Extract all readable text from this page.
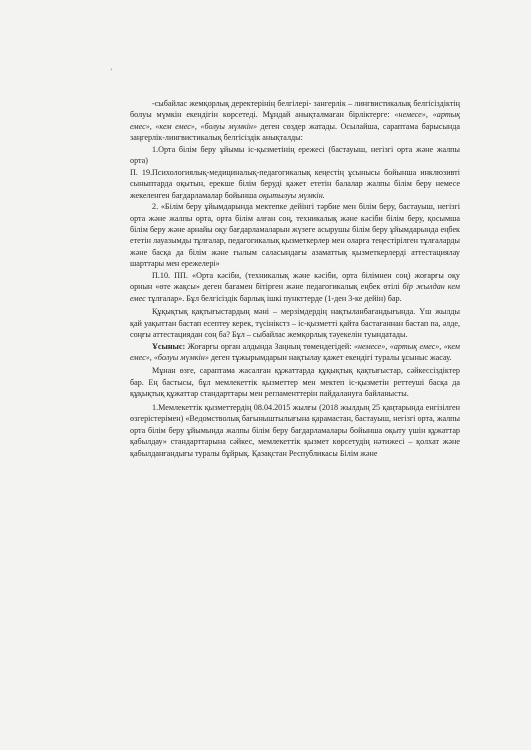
ʼ

-сыбайлас жемқорлық деректерінің белгілері- зангерлік – лингвистикалық белгісіздіктің болуы мүмкін екендігін көрсетеді. Мұндай анықталмаған бірліктерге: «немесе», «артық емес», «кем емес», «болуы мүмкін» деген сөздер жатады. Осылайша, сараптама барысында заңгерлік-лингвистикалық белгісіздік анықталды:

1.Орта білім беру ұйымы іс-қызметінің ережесі (бастауыш, негізгі орта және жалпы орта)

П. 19.Психологиялық-медициналық-педагогикалық кеңестің ұсынысы бойынша инклюзивті сыныптарда оқытын, ерекше білім беруді қажет ететін балалар жалпы білім беру немесе жекеленген бағдарламалар бойынша оқытылуы мүмкін.

2. «Білім беру ұйымдарында мектепке дейінгі тәрбие мен білім беру, бастауыш, негізгі орта және жалпы орта, орта білім алған соң, техникалық және кәсіби білім беру, қосымша білім беру және арнайы оқу бағдарламаларын жүзеге асырушы білім беру ұйымдарында еңбек ететін лауазымды тұлғалар, педагогикалық қызметкерлер мен оларға теңестірілген тұлғаларды және басқа да білім және ғылым саласындағы азаматтық қызметкерлерді аттестациялау шарттары мен ережелері»

П.10. ПП. «Орта кәсіби, (техникалық және кәсіби, орта білімнен соң) жоғарғы оқу орнын «өте жақсы» деген бағамен бітірген және педагогикалық еңбек өтілі бір жылдан кем емес тұлғалар». Бұл белгісіздік барлық ішкі пункттерде (1-ден 3-ке дейін) бар.

Құқықтық қақтығыстардың мәні – мерзімдердің нақтыланбағандығында. Үш жылды қай уақыттан бастап есептеу керек, түсінікстз – іс-қызметті қайта бастағаннан бастап па, әлде, соңғы аттестациядан соң ба? Бұл – сыбайлас жемқорлық тәуекелін туындатады.

Ұсыныс: Жоғарғы орган алдында Заңның төмендегідей: «немесе», «артық емес», «кем емес», «болуы мүмкін» деген тұжырымдарын нақтылау қажет екендігі туралы ұсыныс жасау.

Мұнан өзге, сараптама жасалған құжаттарда құқықтық қақтығыстар, сәйкессіздіктер бар. Ең бастысы, бұл мемлекеттік қызметтер мен мектеп іс-қызметін реттеуші басқа да құқықтық құжаттар стандарттары мен регламенттерін пайдалануға байланысты.

1.Мемлекеттік қызметтердің 08.04.2015 жылғы (2018 жылдың 25 қаңтарында енгізілген өзгерістерімен) «Ведомстволық бағыныштылығына қарамастан, бастауыш, негізгі орта, жалпы орта білім беру ұйымында жалпы білім беру бағдарламалары бойынша оқыту үшін құжаттар қабылдау» стандарттарына сәйкес, мемлекеттік қызмет көрсетудің нәтижесі – қолхат және қабылданғандығы туралы бұйрық. Қазақстан Республикасы Білім және
